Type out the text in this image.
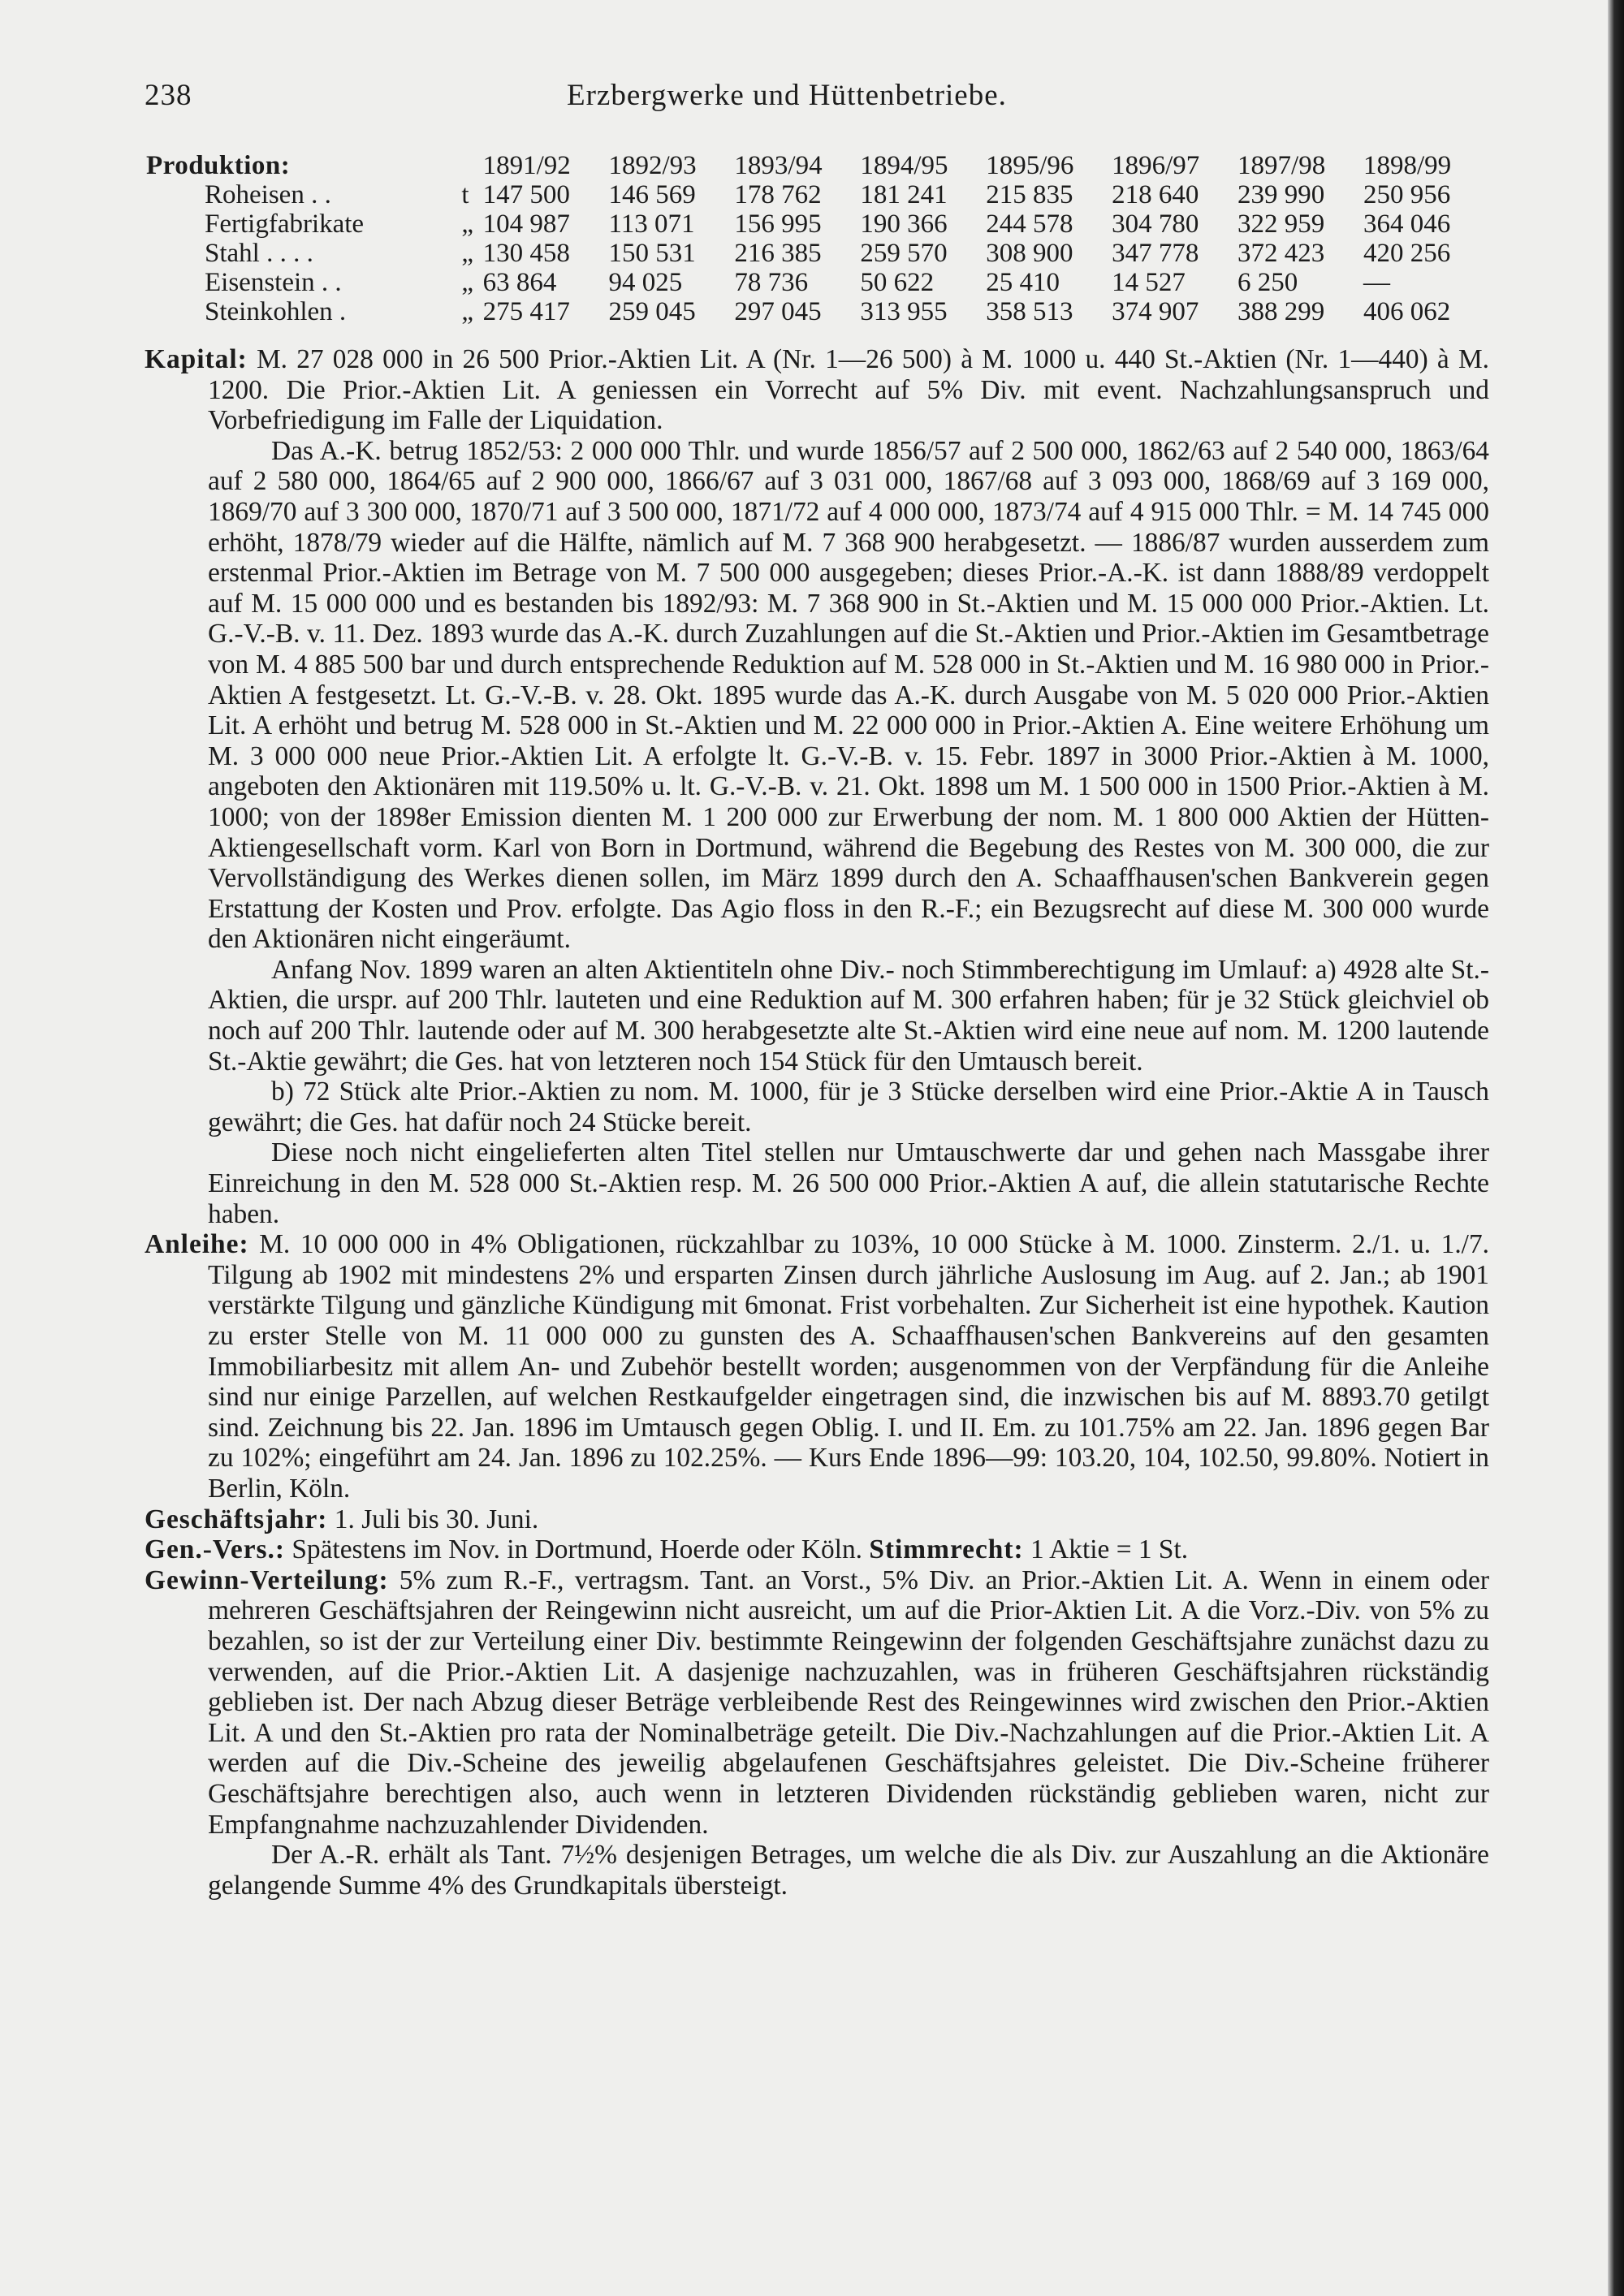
238	Erzbergwerke und Hüttenbetriebe.
Produktion:		1891/92	1892/93	1893/94	1894/95	1895/96	1896/97	1897/98	1898/99
Roheisen . .	t	147 500	146 569	178 762	181 241	215 835	218 640	239 990	250 956
Fertigfabrikate	„	104 987	113 071	156 995	190 366	244 578	304 780	322 959	364 046
Stahl . . . .	„	130 458	150 531	216 385	259 570	308 900	347 778	372 423	420 256
Eisenstein . .	„	63 864	94 025	78 736	50 622	25 410	14 527	6 250	—
Steinkohlen .	„	275 417	259 045	297 045	313 955	358 513	374 907	388 299	406 062

Kapital: M. 27 028 000 in 26 500 Prior.-Aktien Lit. A (Nr. 1—26 500) à M. 1000 u. 440 St.-Aktien (Nr. 1—440) à M. 1200. Die Prior.-Aktien Lit. A geniessen ein Vorrecht auf 5% Div. mit event. Nachzahlungsanspruch und Vorbefriedigung im Falle der Liquidation.

Das A.-K. betrug 1852/53: 2 000 000 Thlr. und wurde 1856/57 auf 2 500 000, 1862/63 auf 2 540 000, 1863/64 auf 2 580 000, 1864/65 auf 2 900 000, 1866/67 auf 3 031 000, 1867/68 auf 3 093 000, 1868/69 auf 3 169 000, 1869/70 auf 3 300 000, 1870/71 auf 3 500 000, 1871/72 auf 4 000 000, 1873/74 auf 4 915 000 Thlr. = M. 14 745 000 erhöht, 1878/79 wieder auf die Hälfte, nämlich auf M. 7 368 900 herabgesetzt. — 1886/87 wurden ausserdem zum erstenmal Prior.-Aktien im Betrage von M. 7 500 000 ausgegeben; dieses Prior.-A.-K. ist dann 1888/89 verdoppelt auf M. 15 000 000 und es bestanden bis 1892/93: M. 7 368 900 in St.-Aktien und M. 15 000 000 Prior.-Aktien. Lt. G.-V.-B. v. 11. Dez. 1893 wurde das A.-K. durch Zuzahlungen auf die St.-Aktien und Prior.-Aktien im Gesamtbetrage von M. 4 885 500 bar und durch entsprechende Reduktion auf M. 528 000 in St.-Aktien und M. 16 980 000 in Prior.-Aktien A festgesetzt. Lt. G.-V.-B. v. 28. Okt. 1895 wurde das A.-K. durch Ausgabe von M. 5 020 000 Prior.-Aktien Lit. A erhöht und betrug M. 528 000 in St.-Aktien und M. 22 000 000 in Prior.-Aktien A. Eine weitere Erhöhung um M. 3 000 000 neue Prior.-Aktien Lit. A erfolgte lt. G.-V.-B. v. 15. Febr. 1897 in 3000 Prior.-Aktien à M. 1000, angeboten den Aktionären mit 119.50% u. lt. G.-V.-B. v. 21. Okt. 1898 um M. 1 500 000 in 1500 Prior.-Aktien à M. 1000; von der 1898er Emission dienten M. 1 200 000 zur Erwerbung der nom. M. 1 800 000 Aktien der Hütten-Aktiengesellschaft vorm. Karl von Born in Dortmund, während die Begebung des Restes von M. 300 000, die zur Vervollständigung des Werkes dienen sollen, im März 1899 durch den A. Schaaffhausen'schen Bankverein gegen Erstattung der Kosten und Prov. erfolgte. Das Agio floss in den R.-F.; ein Bezugsrecht auf diese M. 300 000 wurde den Aktionären nicht eingeräumt.

Anfang Nov. 1899 waren an alten Aktientiteln ohne Div.- noch Stimmberechtigung im Umlauf: a) 4928 alte St.-Aktien, die urspr. auf 200 Thlr. lauteten und eine Reduktion auf M. 300 erfahren haben; für je 32 Stück gleichviel ob noch auf 200 Thlr. lautende oder auf M. 300 herabgesetzte alte St.-Aktien wird eine neue auf nom. M. 1200 lautende St.-Aktie gewährt; die Ges. hat von letzteren noch 154 Stück für den Umtausch bereit.

b) 72 Stück alte Prior.-Aktien zu nom. M. 1000, für je 3 Stücke derselben wird eine Prior.-Aktie A in Tausch gewährt; die Ges. hat dafür noch 24 Stücke bereit.

Diese noch nicht eingelieferten alten Titel stellen nur Umtauschwerte dar und gehen nach Massgabe ihrer Einreichung in den M. 528 000 St.-Aktien resp. M. 26 500 000 Prior.-Aktien A auf, die allein statutarische Rechte haben.

Anleihe: M. 10 000 000 in 4% Obligationen, rückzahlbar zu 103%, 10 000 Stücke à M. 1000. Zinsterm. 2./1. u. 1./7. Tilgung ab 1902 mit mindestens 2% und ersparten Zinsen durch jährliche Auslosung im Aug. auf 2. Jan.; ab 1901 verstärkte Tilgung und gänzliche Kündigung mit 6monat. Frist vorbehalten. Zur Sicherheit ist eine hypothek. Kaution zu erster Stelle von M. 11 000 000 zu gunsten des A. Schaaffhausen'schen Bankvereins auf den gesamten Immobiliarbesitz mit allem An- und Zubehör bestellt worden; ausgenommen von der Verpfändung für die Anleihe sind nur einige Parzellen, auf welchen Restkaufgelder eingetragen sind, die inzwischen bis auf M. 8893.70 getilgt sind. Zeichnung bis 22. Jan. 1896 im Umtausch gegen Oblig. I. und II. Em. zu 101.75% am 22. Jan. 1896 gegen Bar zu 102%; eingeführt am 24. Jan. 1896 zu 102.25%. — Kurs Ende 1896—99: 103.20, 104, 102.50, 99.80%. Notiert in Berlin, Köln.

Geschäftsjahr: 1. Juli bis 30. Juni.

Gen.-Vers.: Spätestens im Nov. in Dortmund, Hoerde oder Köln. Stimmrecht: 1 Aktie = 1 St.

Gewinn-Verteilung: 5% zum R.-F., vertragsm. Tant. an Vorst., 5% Div. an Prior.-Aktien Lit. A. Wenn in einem oder mehreren Geschäftsjahren der Reingewinn nicht ausreicht, um auf die Prior-Aktien Lit. A die Vorz.-Div. von 5% zu bezahlen, so ist der zur Verteilung einer Div. bestimmte Reingewinn der folgenden Geschäftsjahre zunächst dazu zu verwenden, auf die Prior.-Aktien Lit. A dasjenige nachzuzahlen, was in früheren Geschäftsjahren rückständig geblieben ist. Der nach Abzug dieser Beträge verbleibende Rest des Reingewinnes wird zwischen den Prior.-Aktien Lit. A und den St.-Aktien pro rata der Nominalbeträge geteilt. Die Div.-Nachzahlungen auf die Prior.-Aktien Lit. A werden auf die Div.-Scheine des jeweilig abgelaufenen Geschäftsjahres geleistet. Die Div.-Scheine früherer Geschäftsjahre berechtigen also, auch wenn in letzteren Dividenden rückständig geblieben waren, nicht zur Empfangnahme nachzuzahlender Dividenden.

Der A.-R. erhält als Tant. 7½% desjenigen Betrages, um welche die als Div. zur Auszahlung an die Aktionäre gelangende Summe 4% des Grundkapitals übersteigt.
